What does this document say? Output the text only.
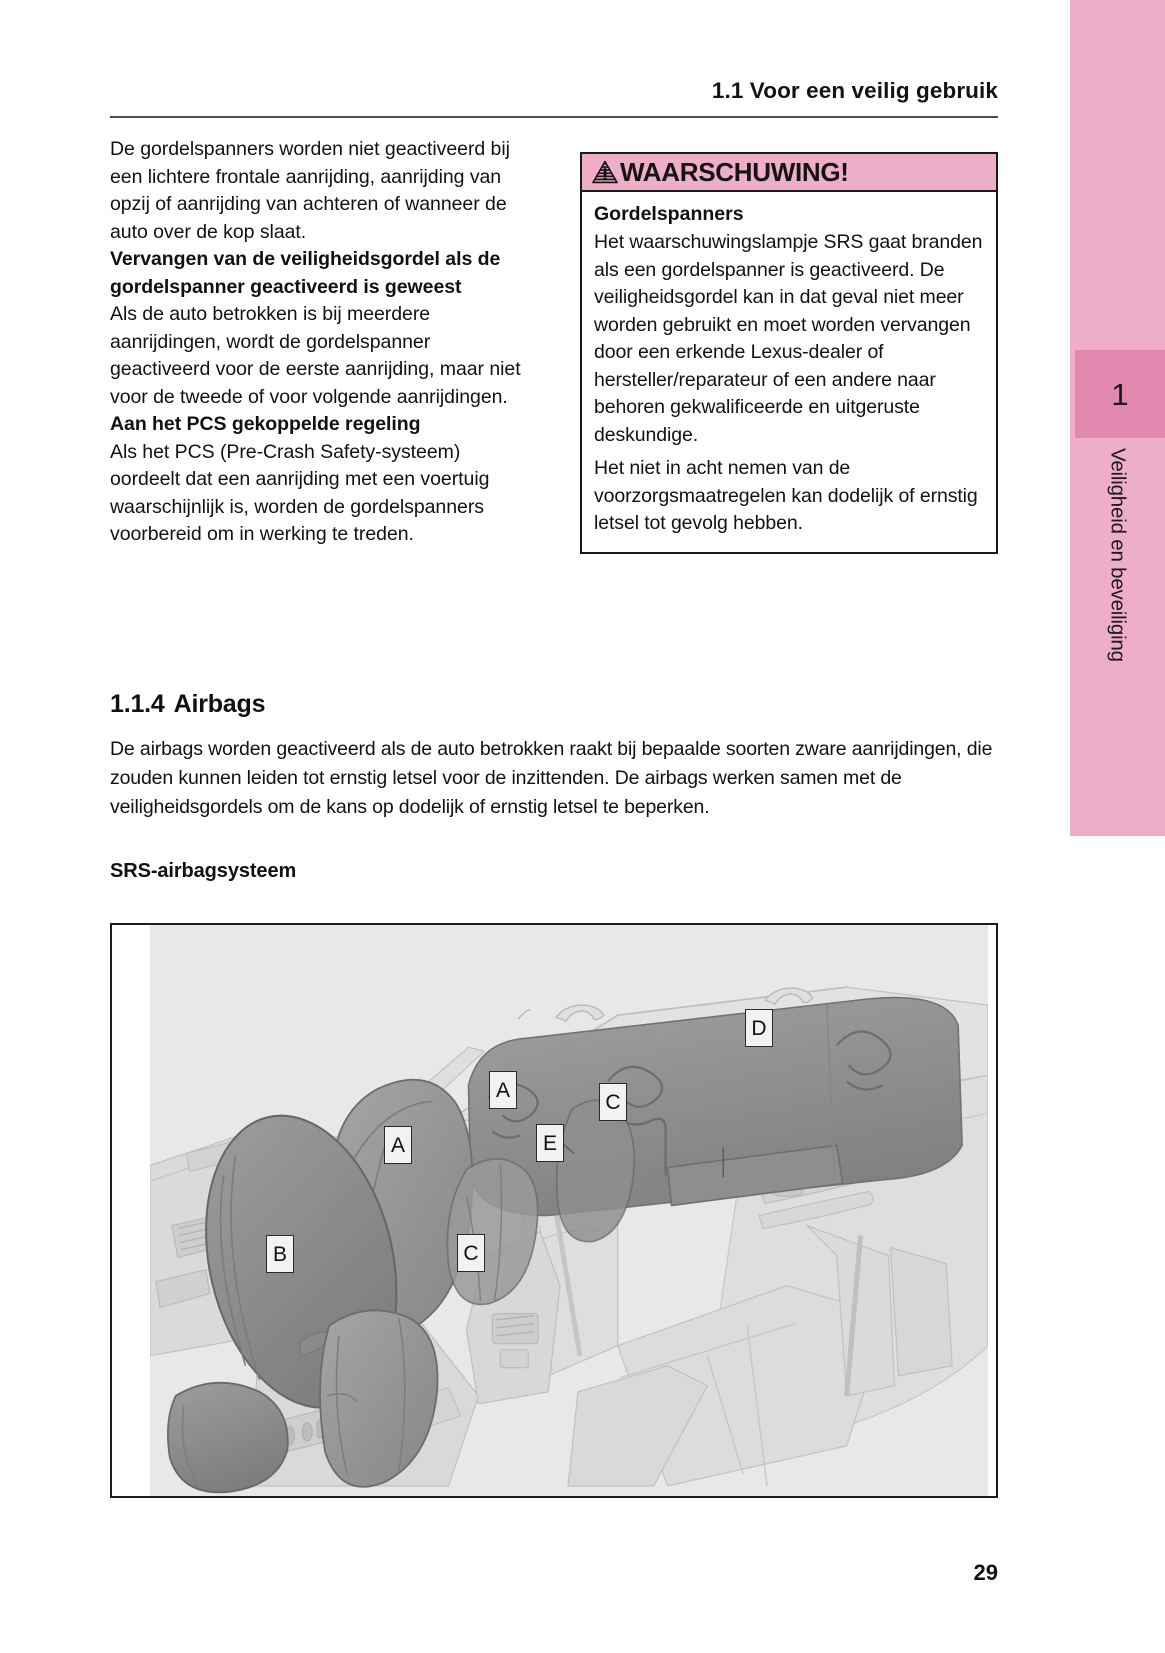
1
Veiligheid en beveiliging
1.1 Voor een veilig gebruik

De gordelspanners worden niet geactiveerd bij een lichtere frontale aanrijding, aanrijding van opzij of aanrijding van achteren of wanneer de auto over de kop slaat.

Vervangen van de veiligheidsgordel als de gordelspanner geactiveerd is geweest

Als de auto betrokken is bij meerdere aanrijdingen, wordt de gordelspanner geactiveerd voor de eerste aanrijding, maar niet voor de tweede of voor volgende aanrijdingen.

Aan het PCS gekoppelde regeling

Als het PCS (Pre-Crash Safety-systeem) oordeelt dat een aanrijding met een voertuig waarschijnlijk is, worden de gordelspanners voorbereid om in werking te treden.

WAARSCHUWING!
Gordelspanners

Het waarschuwingslampje SRS gaat branden als een gordelspanner is geactiveerd. De veiligheidsgordel kan in dat geval niet meer worden gebruikt en moet worden vervangen door een erkende Lexus-dealer of hersteller/reparateur of een andere naar behoren gekwalificeerde en uitgeruste deskundige.

Het niet in acht nemen van de voorzorgsmaatregelen kan dodelijk of ernstig letsel tot gevolg hebben.

1.1.4 Airbags

De airbags worden geactiveerd als de auto betrokken raakt bij bepaalde soorten zware aanrijdingen, die zouden kunnen leiden tot ernstig letsel voor de inzittenden. De airbags werken samen met de veiligheidsgordels om de kans op dodelijk of ernstig letsel te beperken.

SRS-airbagsysteem
D
A
C
A	E
B	C
29
